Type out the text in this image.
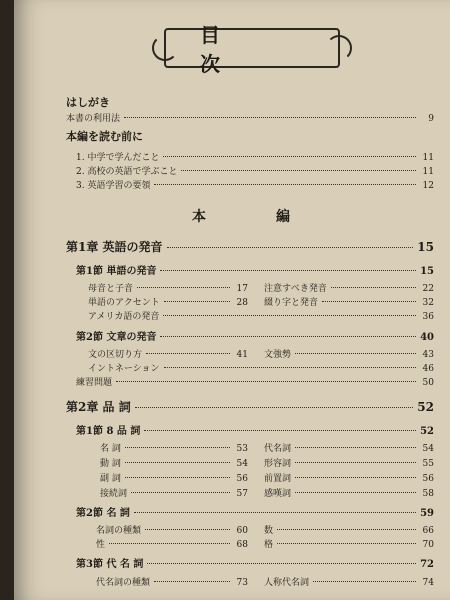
目 次
はしがき
本書の利用法	9
本編を読む前に
1. 中学で学んだこと	11
2. 高校の英語で学ぶこと	11
3. 英語学習の要領	12
本	編
第1章 英語の発音	15
第1節 単語の発音	15
母音と子音	17 注意すべき発音	22
単語のアクセント	28 綴り字と発音	32
アメリカ語の発音	36
第2節 文章の発音	40
文の区切り方	41 文強勢	43
イントネーション	46
練習問題	50
第2章 品 詞	52
第1節 8 品 詞	52
名 詞	53 代名詞	54
動 詞	54 形容詞	55
副 詞	56 前置詞	56
接続詞	57 感嘆詞	58
第2節 名 詞	59
名詞の種類	60 数	66
性	68 格	70
第3節 代 名 詞	72
代名詞の種類	73 人称代名詞	74
